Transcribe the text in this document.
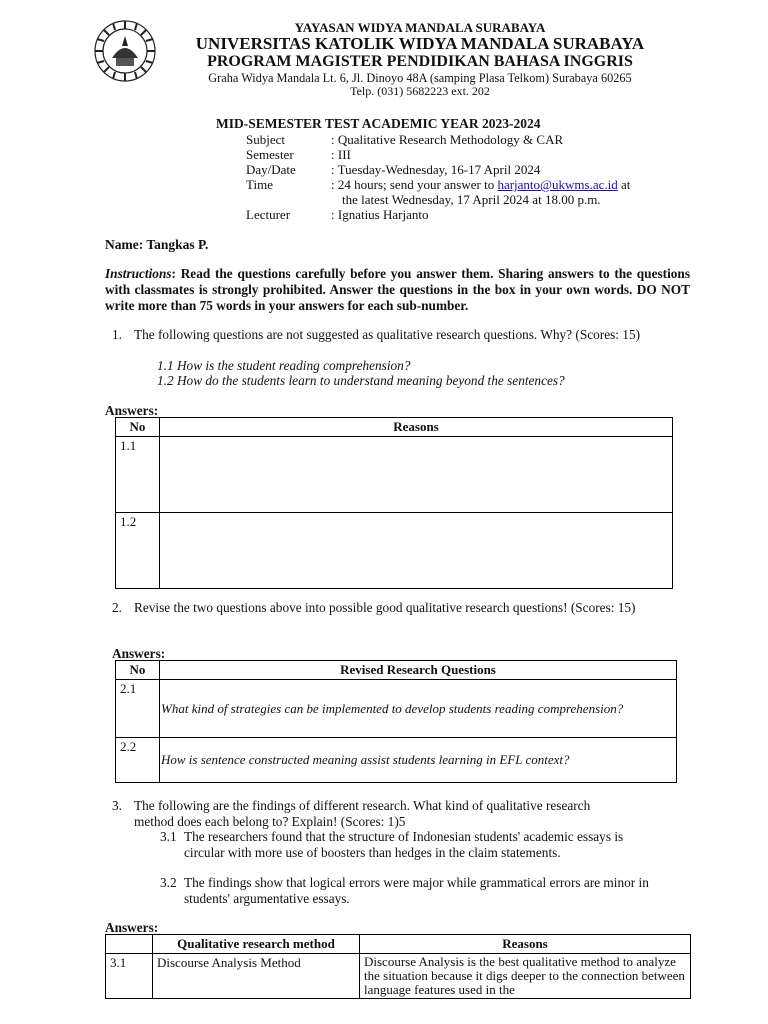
YAYASAN WIDYA MANDALA SURABAYA
UNIVERSITAS KATOLIK WIDYA MANDALA SURABAYA
PROGRAM MAGISTER PENDIDIKAN BAHASA INGGRIS
Graha Widya Mandala Lt. 6, Jl. Dinoyo 48A (samping Plasa Telkom) Surabaya 60265
Telp. (031) 5682223 ext. 202
MID-SEMESTER TEST ACADEMIC YEAR 2023-2024
Subject	: Qualitative Research Methodology & CAR
Semester	: III
Day/Date	: Tuesday-Wednesday, 16-17 April 2024
Time	: 24 hours; send your answer to harjanto@ukwms.ac.id at
the latest Wednesday, 17 April 2024 at 18.00 p.m.
Lecturer	: Ignatius Harjanto
Name: Tangkas P.
Instructions: Read the questions carefully before you answer them. Sharing answers to the questions with classmates is strongly prohibited. Answer the questions in the box in your own words. DO NOT write more than 75 words in your answers for each sub-number.
1. The following questions are not suggested as qualitative research questions. Why? (Scores: 15)
1.1 How is the student reading comprehension?
1.2 How do the students learn to understand meaning beyond the sentences?
Answers:
No	Reasons
1.1	
1.2	
2. Revise the two questions above into possible good qualitative research questions! (Scores: 15)
Answers:
No	Revised Research Questions
2.1	What kind of strategies can be implemented to develop students reading comprehension?
2.2	How is sentence constructed meaning assist students learning in EFL context?
3. The following are the findings of different research. What kind of qualitative research method does each belong to? Explain! (Scores: 1)5
3.1 The researchers found that the structure of Indonesian students' academic essays is circular with more use of boosters than hedges in the claim statements.
3.2 The findings show that logical errors were major while grammatical errors are minor in students' argumentative essays.
Answers:
	Qualitative research method	Reasons
3.1	Discourse Analysis Method	Discourse Analysis is the best qualitative method to analyze the situation because it digs deeper to the connection between language features used in the
